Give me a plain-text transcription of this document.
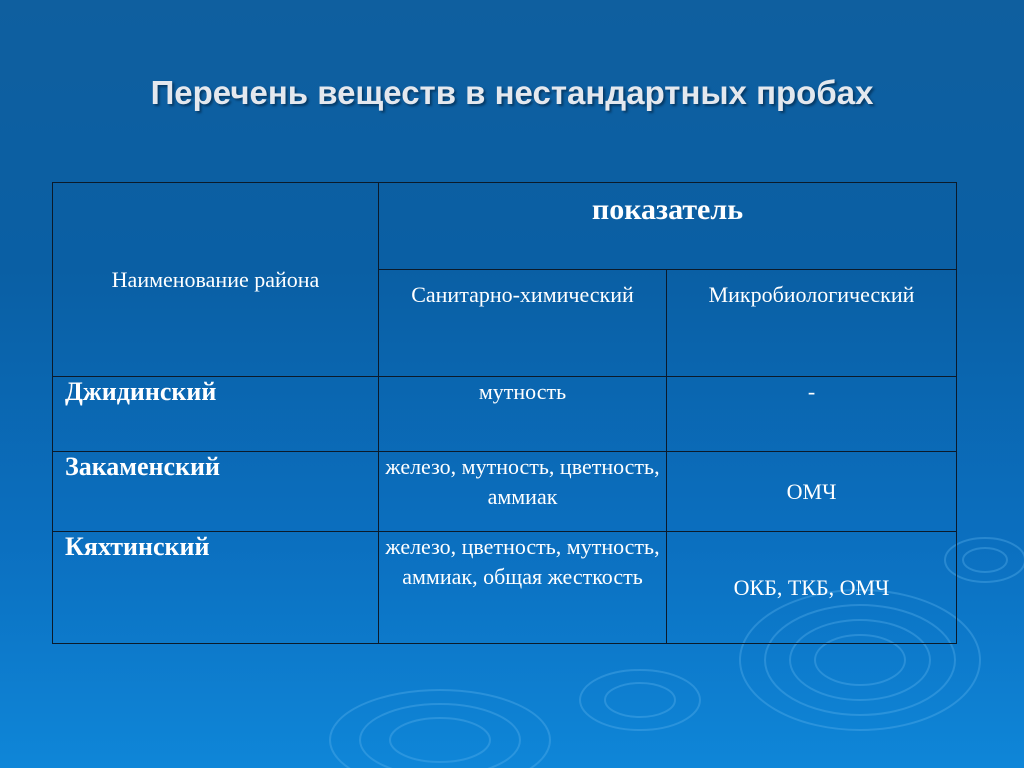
Перечень веществ в нестандартных пробах
Наименование района	показатель	
	Санитарно-химический	Микробиологический
Джидинский	мутность	-
Закаменский	железо, мутность, цветность, аммиак	ОМЧ
Кяхтинский	железо, цветность, мутность, аммиак, общая жесткость	ОКБ, ТКБ, ОМЧ
